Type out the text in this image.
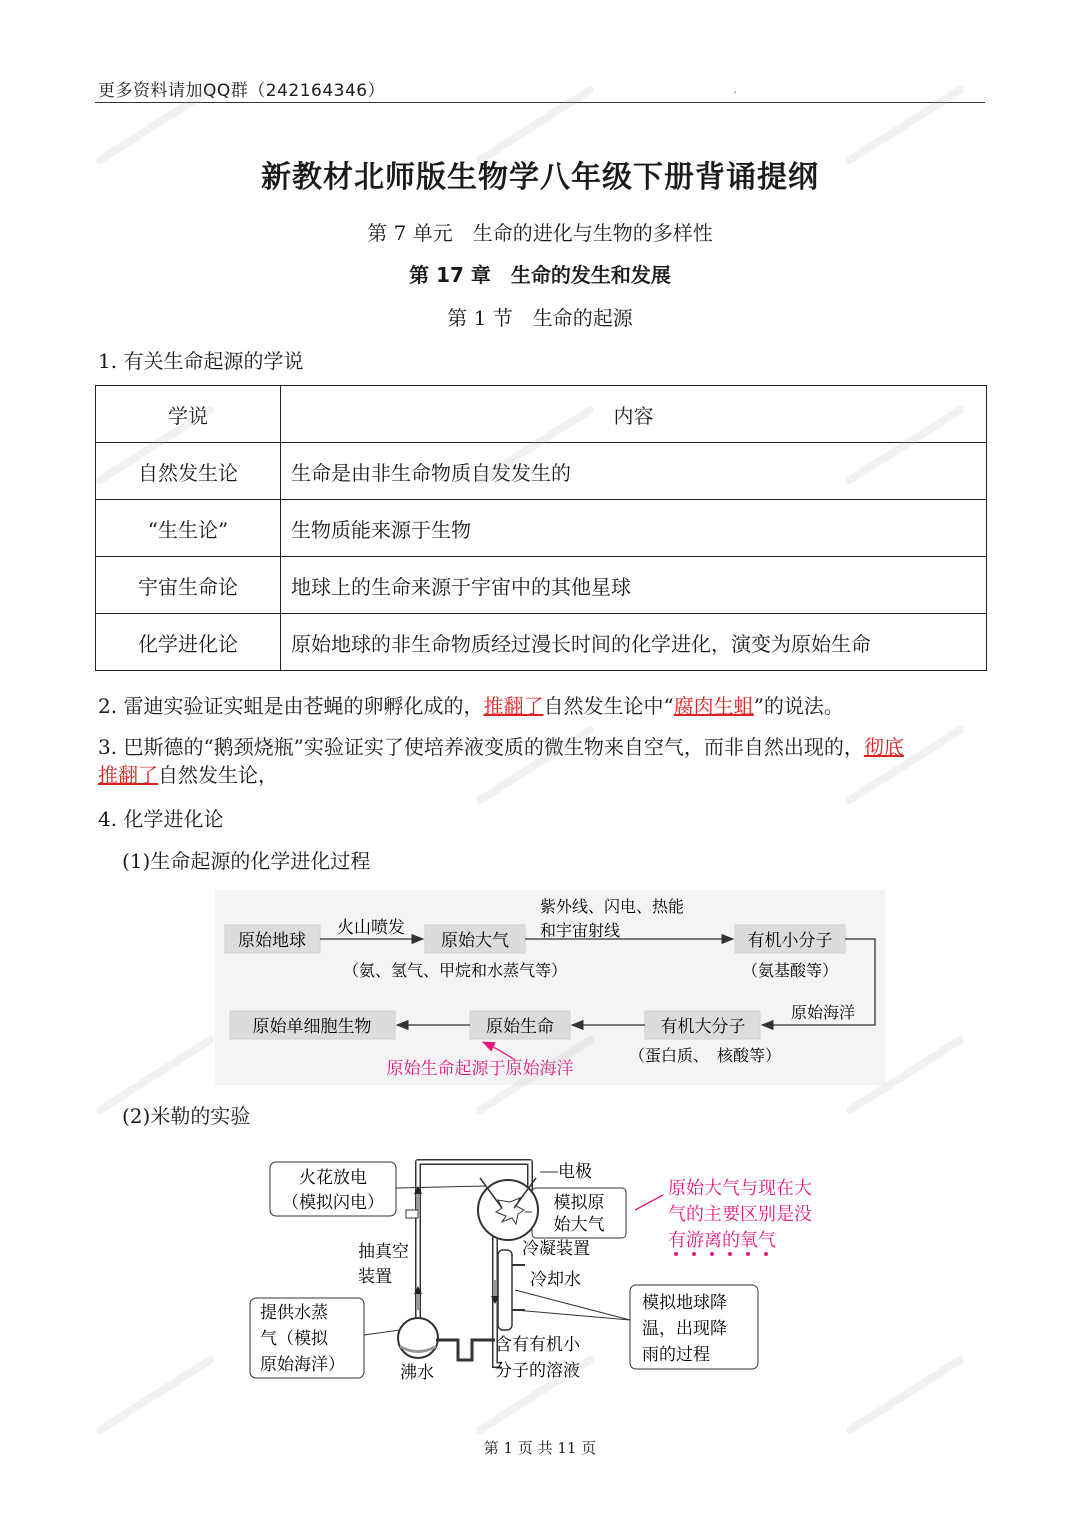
更多资料请加QQ群（242164346）	.
新教材北师版生物学八年级下册背诵提纲
第 7 单元　生命的进化与生物的多样性
第 17 章　生命的发生和发展
第 1 节　生命的起源
1. 有关生命起源的学说
学说	内容
自然发生论	生命是由非生命物质自发发生的
“生生论”	生物质能来源于生物
宇宙生命论	地球上的生命来源于宇宙中的其他星球
化学进化论	原始地球的非生命物质经过漫长时间的化学进化，演变为原始生命
2. 雷迪实验证实蛆是由苍蝇的卵孵化成的，推翻了自然发生论中“腐肉生蛆”的说法。
3. 巴斯德的“鹅颈烧瓶”实验证实了使培养液变质的微生物来自空气，而非自然出现的，彻底
推翻了自然发生论，
4. 化学进化论
(1)生命起源的化学进化过程
原始地球
火山喷发
原始大气
（氨、氢气、甲烷和水蒸气等）
紫外线、闪电、热能
和宇宙射线
有机小分子
（氨基酸等）
原始海洋
有机大分子
（蛋白质、　核酸等）
原始生命
原始单细胞生物
原始生命起源于原始海洋
(2)米勒的实验
火花放电
（模拟闪电）
电极
模拟原
始大气
抽真空
装置
冷凝装置
冷却水
提供水蒸
气（模拟
原始海洋）	沸水
含有有机小
分子的溶液
模拟地球降
温，出现降
雨的过程
原始大气与现在大
气的主要区别是没
有游离的氧气
第 1 页 共 11 页
